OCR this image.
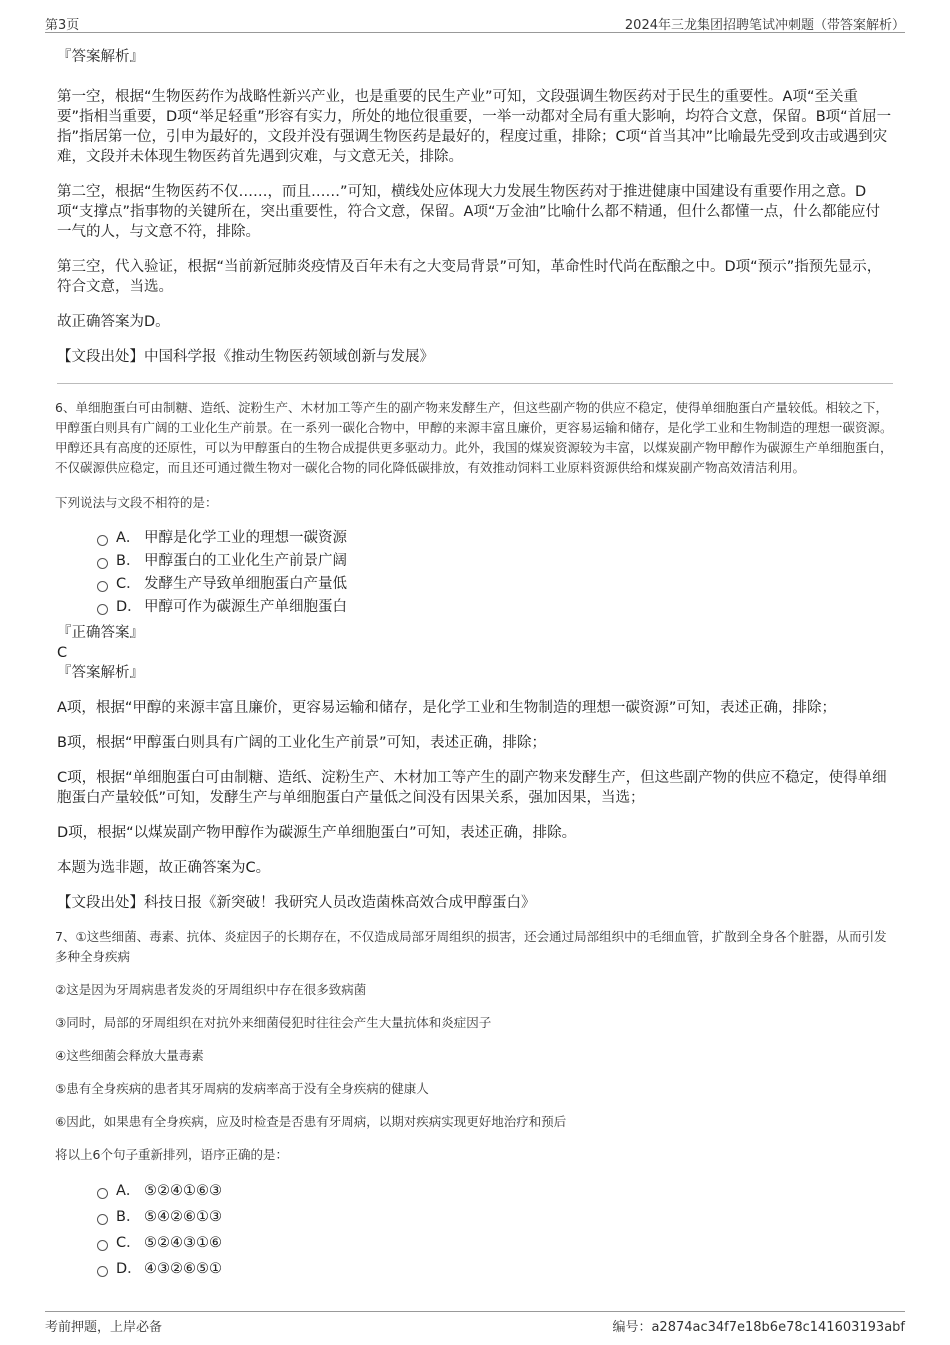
第3页	2024年三龙集团招聘笔试冲刺题（带答案解析）

『答案解析』

第一空，根据“生物医药作为战略性新兴产业，也是重要的民生产业”可知，文段强调生物医药对于民生的重要性。A项“至关重要”指相当重要，D项“举足轻重”形容有实力，所处的地位很重要，一举一动都对全局有重大影响，均符合文意，保留。B项“首屈一指”指居第一位，引申为最好的，文段并没有强调生物医药是最好的，程度过重，排除；C项“首当其冲”比喻最先受到攻击或遇到灾难，文段并未体现生物医药首先遇到灾难，与文意无关，排除。

第二空，根据“生物医药不仅……，而且……”可知，横线处应体现大力发展生物医药对于推进健康中国建设有重要作用之意。D项“支撑点”指事物的关键所在，突出重要性，符合文意，保留。A项“万金油”比喻什么都不精通，但什么都懂一点，什么都能应付一气的人，与文意不符，排除。

第三空，代入验证，根据“当前新冠肺炎疫情及百年未有之大变局背景”可知，革命性时代尚在酝酿之中。D项“预示”指预先显示，符合文意，当选。

故正确答案为D。

【文段出处】中国科学报《推动生物医药领域创新与发展》

6、单细胞蛋白可由制糖、造纸、淀粉生产、木材加工等产生的副产物来发酵生产，但这些副产物的供应不稳定，使得单细胞蛋白产量较低。相较之下，甲醇蛋白则具有广阔的工业化生产前景。在一系列一碳化合物中，甲醇的来源丰富且廉价，更容易运输和储存，是化学工业和生物制造的理想一碳资源。甲醇还具有高度的还原性，可以为甲醇蛋白的生物合成提供更多驱动力。此外，我国的煤炭资源较为丰富，以煤炭副产物甲醇作为碳源生产单细胞蛋白，不仅碳源供应稳定，而且还可通过微生物对一碳化合物的同化降低碳排放，有效推动饲料工业原料资源供给和煤炭副产物高效清洁利用。

下列说法与文段不相符的是：

A． 甲醇是化学工业的理想一碳资源
B． 甲醇蛋白的工业化生产前景广阔
C． 发酵生产导致单细胞蛋白产量低
D． 甲醇可作为碳源生产单细胞蛋白

『正确答案』

C

『答案解析』

A项，根据“甲醇的来源丰富且廉价，更容易运输和储存，是化学工业和生物制造的理想一碳资源”可知，表述正确，排除；

B项，根据“甲醇蛋白则具有广阔的工业化生产前景”可知，表述正确，排除；

C项，根据“单细胞蛋白可由制糖、造纸、淀粉生产、木材加工等产生的副产物来发酵生产，但这些副产物的供应不稳定，使得单细胞蛋白产量较低”可知，发酵生产与单细胞蛋白产量低之间没有因果关系，强加因果，当选；

D项，根据“以煤炭副产物甲醇作为碳源生产单细胞蛋白”可知，表述正确，排除。

本题为选非题，故正确答案为C。

【文段出处】科技日报《新突破！我研究人员改造菌株高效合成甲醇蛋白》

7、①这些细菌、毒素、抗体、炎症因子的长期存在，不仅造成局部牙周组织的损害，还会通过局部组织中的毛细血管，扩散到全身各个脏器，从而引发多种全身疾病

②这是因为牙周病患者发炎的牙周组织中存在很多致病菌

③同时，局部的牙周组织在对抗外来细菌侵犯时往往会产生大量抗体和炎症因子

④这些细菌会释放大量毒素

⑤患有全身疾病的患者其牙周病的发病率高于没有全身疾病的健康人

⑥因此，如果患有全身疾病，应及时检查是否患有牙周病，以期对疾病实现更好地治疗和预后

将以上6个句子重新排列，语序正确的是：

A． ⑤②④①⑥③
B． ⑤④②⑥①③
C． ⑤②④③①⑥
D． ④③②⑥⑤①
考前押题，上岸必备	编号：a2874ac34f7e18b6e78c141603193abf
